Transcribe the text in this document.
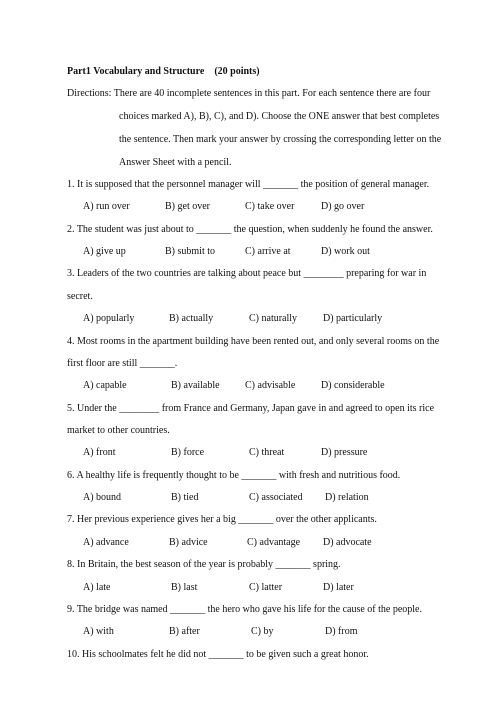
Part1 Vocabulary and Structure　(20 points)
Directions: There are 40 incomplete sentences in this part. For each sentence there are four
choices marked A), B), C), and D). Choose the ONE answer that best completes
the sentence. Then mark your answer by crossing the corresponding letter on the
Answer Sheet with a pencil.
1. It is supposed that the personnel manager will _______ the position of general manager.
A) run over	B) get over	C) take over	D) go over
2. The student was just about to _______ the question, when suddenly he found the answer.
A) give up	B) submit to	C) arrive at	D) work out
3. Leaders of the two countries are talking about peace but ________ preparing for war in
secret.
A) popularly	B) actually	C) naturally	D) particularly
4. Most rooms in the apartment building have been rented out, and only several rooms on the
first floor are still _______.
A) capable	B) available	C) advisable	D) considerable
5. Under the ________ from France and Germany, Japan gave in and agreed to open its rice
market to other countries.
A) front	B) force	C) threat	D) pressure
6. A healthy life is frequently thought to be _______ with fresh and nutritious food.
A) bound	B) tied	C) associated D) relation
7. Her previous experience gives her a big _______ over the other applicants.
A) advance	B) advice	C) advantage D) advocate
8. In Britain, the best season of the year is probably _______ spring.
A) late	B) last	C) latter	D) later
9. The bridge was named _______ the hero who gave his life for the cause of the people.
A) with	B) after	C) by	D) from
10. His schoolmates felt he did not _______ to be given such a great honor.
